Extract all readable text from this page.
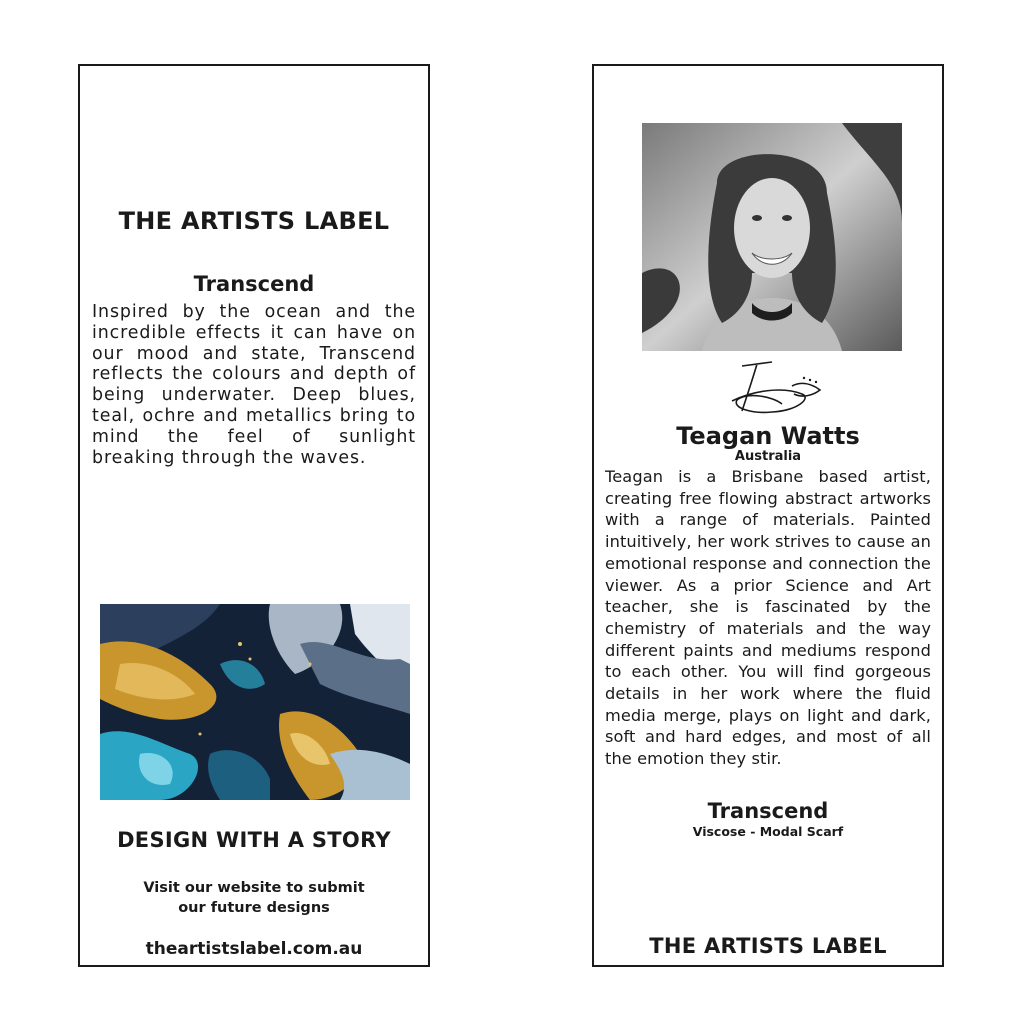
THE ARTISTS LABEL
Transcend
Inspired by the ocean and the incredible effects it can have on our mood and state, Transcend reflects the colours and depth of being underwater. Deep blues, teal, ochre and metallics bring to mind the feel of sunlight breaking through the waves.
DESIGN WITH A STORY
Visit our website to submit
our future designs
theartistslabel.com.au
Teagan Watts
Australia
Teagan is a Brisbane based artist, creating free flowing abstract artworks with a range of materials. Painted intuitively, her work strives to cause an emotional response and connection the viewer. As a prior Science and Art teacher, she is fascinated by the chemistry of materials and the way different paints and mediums respond to each other. You will find gorgeous details in her work where the fluid media merge, plays on light and dark, soft and hard edges, and most of all the emotion they stir.
Transcend
Viscose - Modal Scarf
THE ARTISTS LABEL
